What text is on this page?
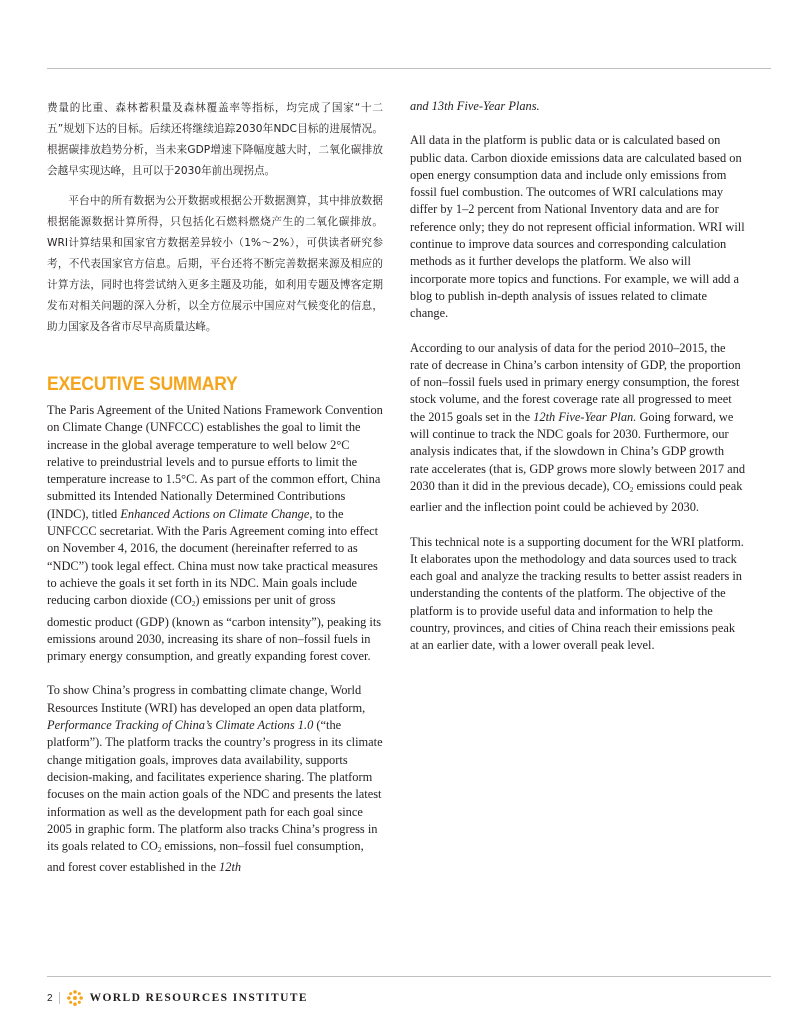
费量的比重、森林蓄积量及森林覆盖率等指标，均完成了国家“十二五”规划下达的目标。后续还将继续追踪2030年NDC目标的进展情况。根据碳排放趋势分析，当未来GDP增速下降幅度越大时，二氧化碳排放会越早实现达峰，且可以于2030年前出现拐点。

平台中的所有数据为公开数据或根据公开数据测算，其中排放数据根据能源数据计算所得，只包括化石燃料燃烧产生的二氧化碳排放。WRI计算结果和国家官方数据差异较小（1%～2%），可供读者研究参考，不代表国家官方信息。后期，平台还将不断完善数据来源及相应的计算方法，同时也将尝试纳入更多主题及功能，如利用专题及博客定期发布对相关问题的深入分析，以全方位展示中国应对气候变化的信息，助力国家及各省市尽早高质量达峰。

EXECUTIVE SUMMARY

The Paris Agreement of the United Nations Framework Convention on Climate Change (UNFCCC) establishes the goal to limit the increase in the global average temperature to well below 2°C relative to preindustrial levels and to pursue efforts to limit the temperature increase to 1.5°C. As part of the common effort, China submitted its Intended Nationally Determined Contributions (INDC), titled Enhanced Actions on Climate Change, to the UNFCCC secretariat. With the Paris Agreement coming into effect on November 4, 2016, the document (hereinafter referred to as “NDC”) took legal effect. China must now take practical measures to achieve the goals it set forth in its NDC. Main goals include reducing carbon dioxide $(CO_2)$ emissions per unit of gross domestic product (GDP) (known as “carbon intensity”), peaking its emissions around 2030, increasing its share of non–fossil fuels in primary energy consumption, and greatly expanding forest cover.

To show China’s progress in combatting climate change, World Resources Institute (WRI) has developed an open data platform, Performance Tracking of China’s Climate Actions 1.0 (“the platform”). The platform tracks the country’s progress in its climate change mitigation goals, improves data availability, supports decision-making, and facilitates experience sharing. The platform focuses on the main action goals of the NDC and presents the latest information as well as the development path for each goal since 2005 in graphic form. The platform also tracks China’s progress in its goals related to $CO_2$ emissions, non–fossil fuel consumption, and forest cover established in the 12th

and 13th Five-Year Plans.

All data in the platform is public data or is calculated based on public data. Carbon dioxide emissions data are calculated based on open energy consumption data and include only emissions from fossil fuel combustion. The outcomes of WRI calculations may differ by 1–2 percent from National Inventory data and are for reference only; they do not represent official information. WRI will continue to improve data sources and corresponding calculation methods as it further develops the platform. We also will incorporate more topics and functions. For example, we will add a blog to publish in-depth analysis of issues related to climate change.

According to our analysis of data for the period 2010–2015, the rate of decrease in China’s carbon intensity of GDP, the proportion of non–fossil fuels used in primary energy consumption, the forest stock volume, and the forest coverage rate all progressed to meet the 2015 goals set in the 12th Five-Year Plan. Going forward, we will continue to track the NDC goals for 2030. Furthermore, our analysis indicates that, if the slowdown in China’s GDP growth rate accelerates (that is, GDP grows more slowly between 2017 and 2030 than it did in the previous decade), $CO_2$ emissions could peak earlier and the inflection point could be achieved by 2030.

This technical note is a supporting document for the WRI platform. It elaborates upon the methodology and data sources used to track each goal and analyze the tracking results to better assist readers in understanding the contents of the platform. The objective of the platform is to provide useful data and information to help the country, provinces, and cities of China reach their emissions peak at an earlier date, with a lower overall peak level.

2	WORLD RESOURCES INSTITUTE
